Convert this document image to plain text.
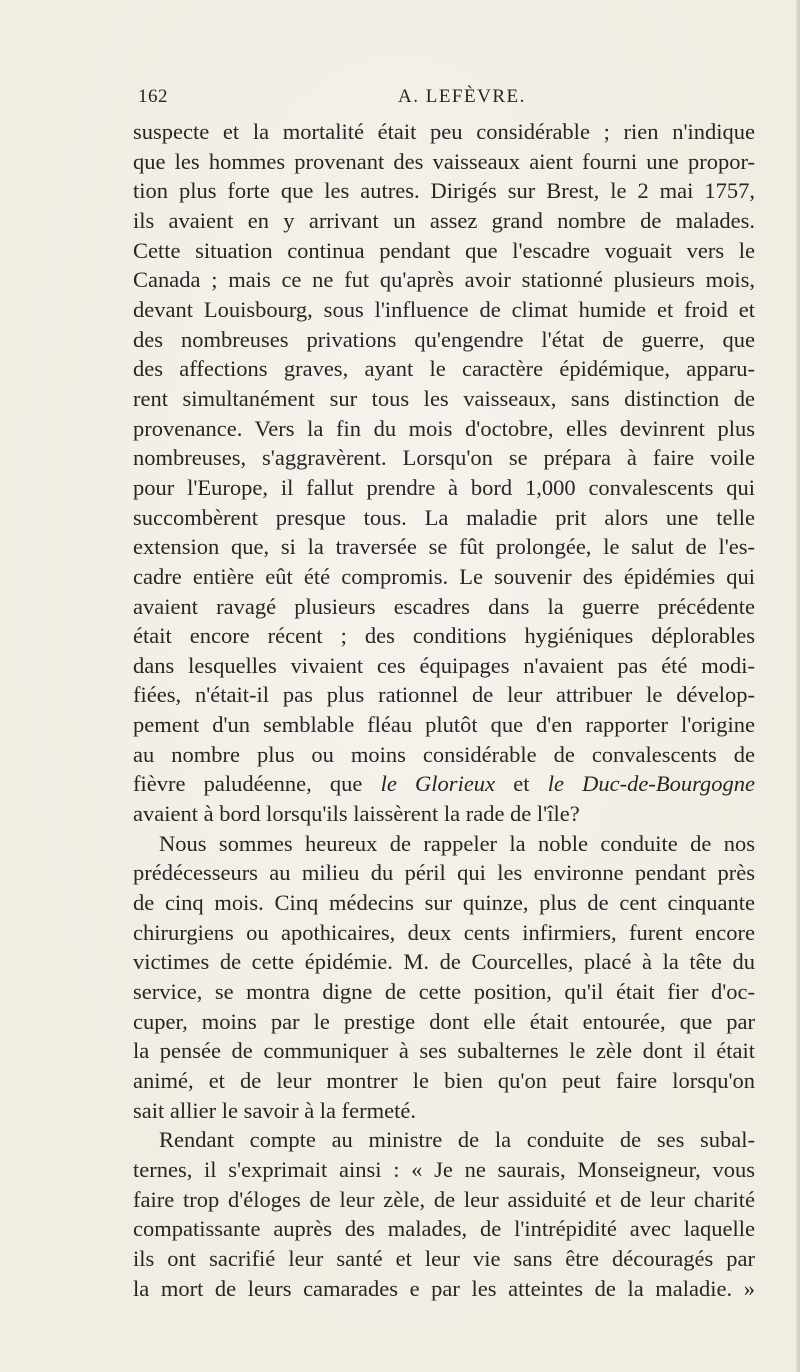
162	A. LEFÈVRE.
suspecte et la mortalité était peu considérable ; rien n'indique
que les hommes provenant des vaisseaux aient fourni une propor-
tion plus forte que les autres. Dirigés sur Brest, le 2 mai 1757,
ils avaient en y arrivant un assez grand nombre de malades.
Cette situation continua pendant que l'escadre voguait vers le
Canada ; mais ce ne fut qu'après avoir stationné plusieurs mois,
devant Louisbourg, sous l'influence de climat humide et froid et
des nombreuses privations qu'engendre l'état de guerre, que
des affections graves, ayant le caractère épidémique, apparu-
rent simultanément sur tous les vaisseaux, sans distinction de
provenance. Vers la fin du mois d'octobre, elles devinrent plus
nombreuses, s'aggravèrent. Lorsqu'on se prépara à faire voile
pour l'Europe, il fallut prendre à bord 1,000 convalescents qui
succombèrent presque tous. La maladie prit alors une telle
extension que, si la traversée se fût prolongée, le salut de l'es-
cadre entière eût été compromis. Le souvenir des épidémies qui
avaient ravagé plusieurs escadres dans la guerre précédente
était encore récent ; des conditions hygiéniques déplorables
dans lesquelles vivaient ces équipages n'avaient pas été modi-
fiées, n'était-il pas plus rationnel de leur attribuer le dévelop-
pement d'un semblable fléau plutôt que d'en rapporter l'origine
au nombre plus ou moins considérable de convalescents de
fièvre paludéenne, que le Glorieux et le Duc-de-Bourgogne
avaient à bord lorsqu'ils laissèrent la rade de l'île?
Nous sommes heureux de rappeler la noble conduite de nos
prédécesseurs au milieu du péril qui les environne pendant près
de cinq mois. Cinq médecins sur quinze, plus de cent cinquante
chirurgiens ou apothicaires, deux cents infirmiers, furent encore
victimes de cette épidémie. M. de Courcelles, placé à la tête du
service, se montra digne de cette position, qu'il était fier d'oc-
cuper, moins par le prestige dont elle était entourée, que par
la pensée de communiquer à ses subalternes le zèle dont il était
animé, et de leur montrer le bien qu'on peut faire lorsqu'on
sait allier le savoir à la fermeté.
Rendant compte au ministre de la conduite de ses subal-
ternes, il s'exprimait ainsi : « Je ne saurais, Monseigneur, vous
faire trop d'éloges de leur zèle, de leur assiduité et de leur charité
compatissante auprès des malades, de l'intrépidité avec laquelle
ils ont sacrifié leur santé et leur vie sans être découragés par
la mort de leurs camarades e par les atteintes de la maladie. »
